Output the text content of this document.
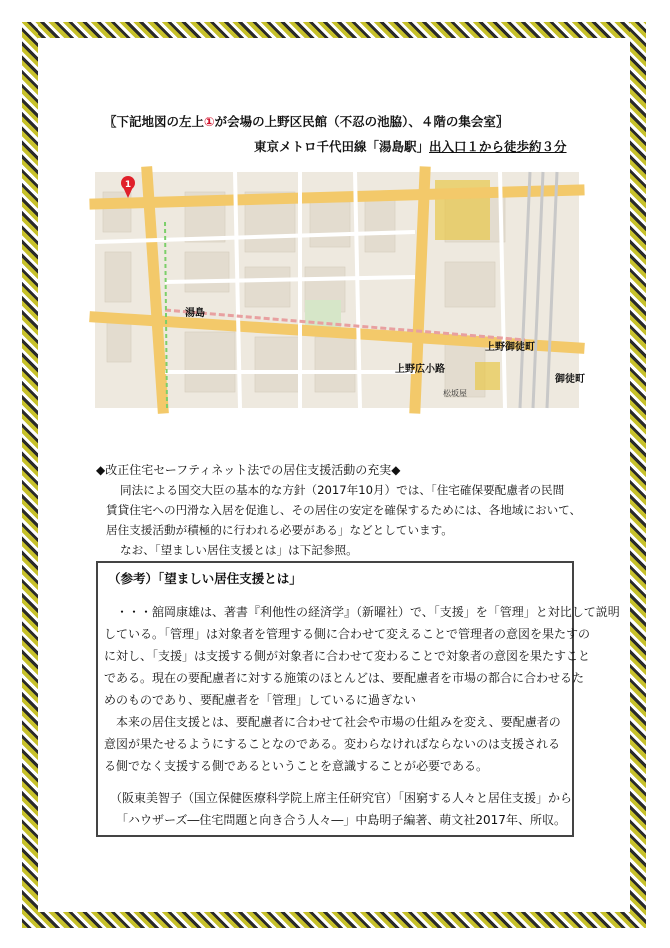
〖下記地図の左上①が会場の上野区民館（不忍の池脇）、４階の集会室〗
東京メトロ千代田線「湯島駅」出入口１から徒歩約３分
1
湯島
上野御徒町
上野広小路
御徒町
松坂屋
◆改正住宅セーフティネット法での居住支援活動の充実◆
同法による国交大臣の基本的な方針（2017年10月）では、「住宅確保要配慮者の民間
賃貸住宅への円滑な入居を促進し、その居住の安定を確保するためには、各地域において、
居住支援活動が積極的に行われる必要がある」などとしています。
なお、「望ましい居住支援とは」は下記参照。
（参考）「望ましい居住支援とは」
・・・舘岡康雄は、著書『利他性の経済学』（新曜社）で、「支援」を「管理」と対比して説明
している。「管理」は対象者を管理する側に合わせて変えることで管理者の意図を果たすの
に対し、「支援」は支援する側が対象者に合わせて変わることで対象者の意図を果たすこと
である。現在の要配慮者に対する施策のほとんどは、要配慮者を市場の都合に合わせるた
めのものであり、要配慮者を「管理」しているに過ぎない
本来の居住支援とは、要配慮者に合わせて社会や市場の仕組みを変え、要配慮者の
意図が果たせるようにすることなのである。変わらなければならないのは支援される
る側でなく支援する側であるということを意識することが必要である。
（阪東美智子（国立保健医療科学院上席主任研究官）「困窮する人々と居住支援」から
「ハウザーズ―住宅問題と向き合う人々―」中島明子編著、萌文社2017年、所収。
